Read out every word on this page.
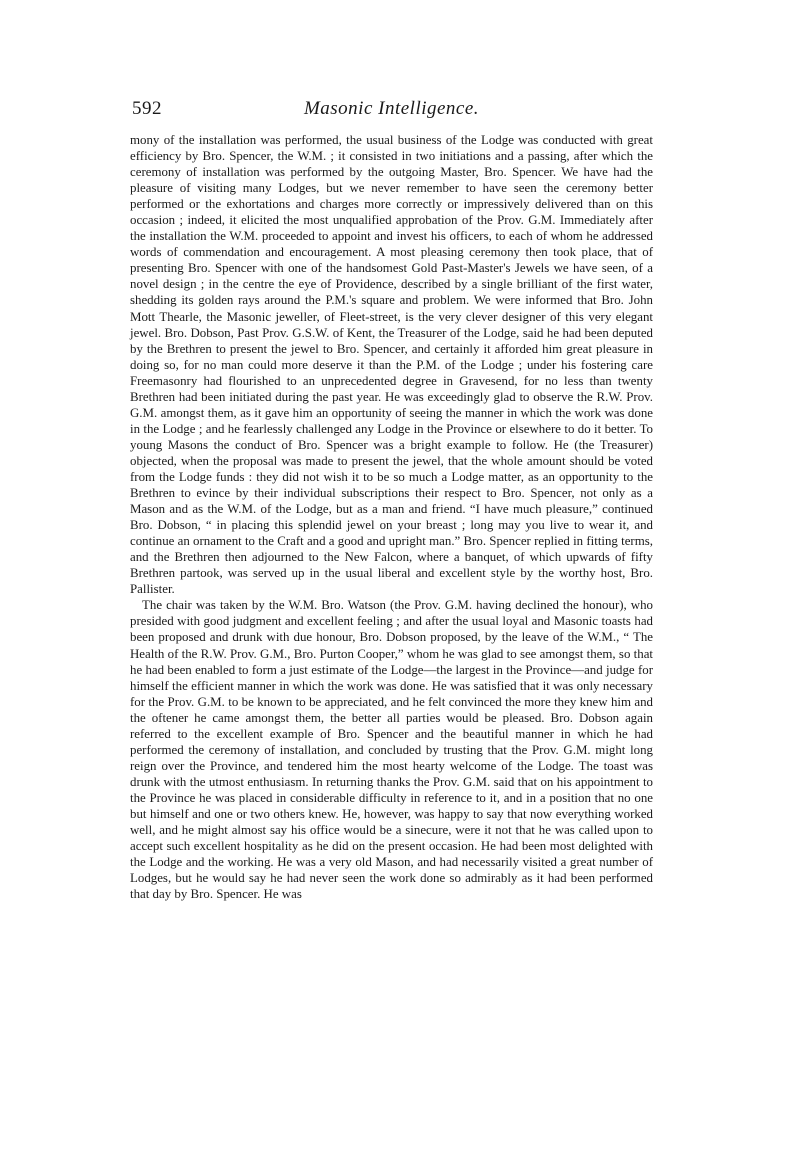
592	Masonic Intelligence.

mony of the installation was performed, the usual business of the Lodge was conducted with great efficiency by Bro. Spencer, the W.M. ; it consisted in two initiations and a passing, after which the ceremony of installation was performed by the outgoing Master, Bro. Spencer. We have had the pleasure of visiting many Lodges, but we never remember to have seen the ceremony better performed or the exhortations and charges more correctly or impressively delivered than on this occasion ; indeed, it elicited the most unqualified approbation of the Prov. G.M. Immediately after the installation the W.M. proceeded to appoint and invest his officers, to each of whom he addressed words of commendation and encouragement. A most pleasing ceremony then took place, that of presenting Bro. Spencer with one of the handsomest Gold Past-Master's Jewels we have seen, of a novel design ; in the centre the eye of Providence, described by a single brilliant of the first water, shedding its golden rays around the P.M.'s square and problem. We were informed that Bro. John Mott Thearle, the Masonic jeweller, of Fleet-street, is the very clever designer of this very elegant jewel. Bro. Dobson, Past Prov. G.S.W. of Kent, the Treasurer of the Lodge, said he had been deputed by the Brethren to present the jewel to Bro. Spencer, and certainly it afforded him great pleasure in doing so, for no man could more deserve it than the P.M. of the Lodge ; under his fostering care Freemasonry had flourished to an unprecedented degree in Gravesend, for no less than twenty Brethren had been initiated during the past year. He was exceedingly glad to observe the R.W. Prov. G.M. amongst them, as it gave him an opportunity of seeing the manner in which the work was done in the Lodge ; and he fearlessly challenged any Lodge in the Province or elsewhere to do it better. To young Masons the conduct of Bro. Spencer was a bright example to follow. He (the Treasurer) objected, when the proposal was made to present the jewel, that the whole amount should be voted from the Lodge funds : they did not wish it to be so much a Lodge matter, as an opportunity to the Brethren to evince by their individual subscriptions their respect to Bro. Spencer, not only as a Mason and as the W.M. of the Lodge, but as a man and friend. “I have much pleasure,” continued Bro. Dobson, “ in placing this splendid jewel on your breast ; long may you live to wear it, and continue an ornament to the Craft and a good and upright man.” Bro. Spencer replied in fitting terms, and the Brethren then adjourned to the New Falcon, where a banquet, of which upwards of fifty Brethren partook, was served up in the usual liberal and excellent style by the worthy host, Bro. Pallister.

The chair was taken by the W.M. Bro. Watson (the Prov. G.M. having declined the honour), who presided with good judgment and excellent feeling ; and after the usual loyal and Masonic toasts had been proposed and drunk with due honour, Bro. Dobson proposed, by the leave of the W.M., “ The Health of the R.W. Prov. G.M., Bro. Purton Cooper,” whom he was glad to see amongst them, so that he had been enabled to form a just estimate of the Lodge—the largest in the Province—and judge for himself the efficient manner in which the work was done. He was satisfied that it was only necessary for the Prov. G.M. to be known to be appreciated, and he felt convinced the more they knew him and the oftener he came amongst them, the better all parties would be pleased. Bro. Dobson again referred to the excellent example of Bro. Spencer and the beautiful manner in which he had performed the ceremony of installation, and concluded by trusting that the Prov. G.M. might long reign over the Province, and tendered him the most hearty welcome of the Lodge. The toast was drunk with the utmost enthusiasm. In returning thanks the Prov. G.M. said that on his appointment to the Province he was placed in considerable difficulty in reference to it, and in a position that no one but himself and one or two others knew. He, however, was happy to say that now everything worked well, and he might almost say his office would be a sinecure, were it not that he was called upon to accept such excellent hospitality as he did on the present occasion. He had been most delighted with the Lodge and the working. He was a very old Mason, and had necessarily visited a great number of Lodges, but he would say he had never seen the work done so admirably as it had been performed that day by Bro. Spencer. He was
